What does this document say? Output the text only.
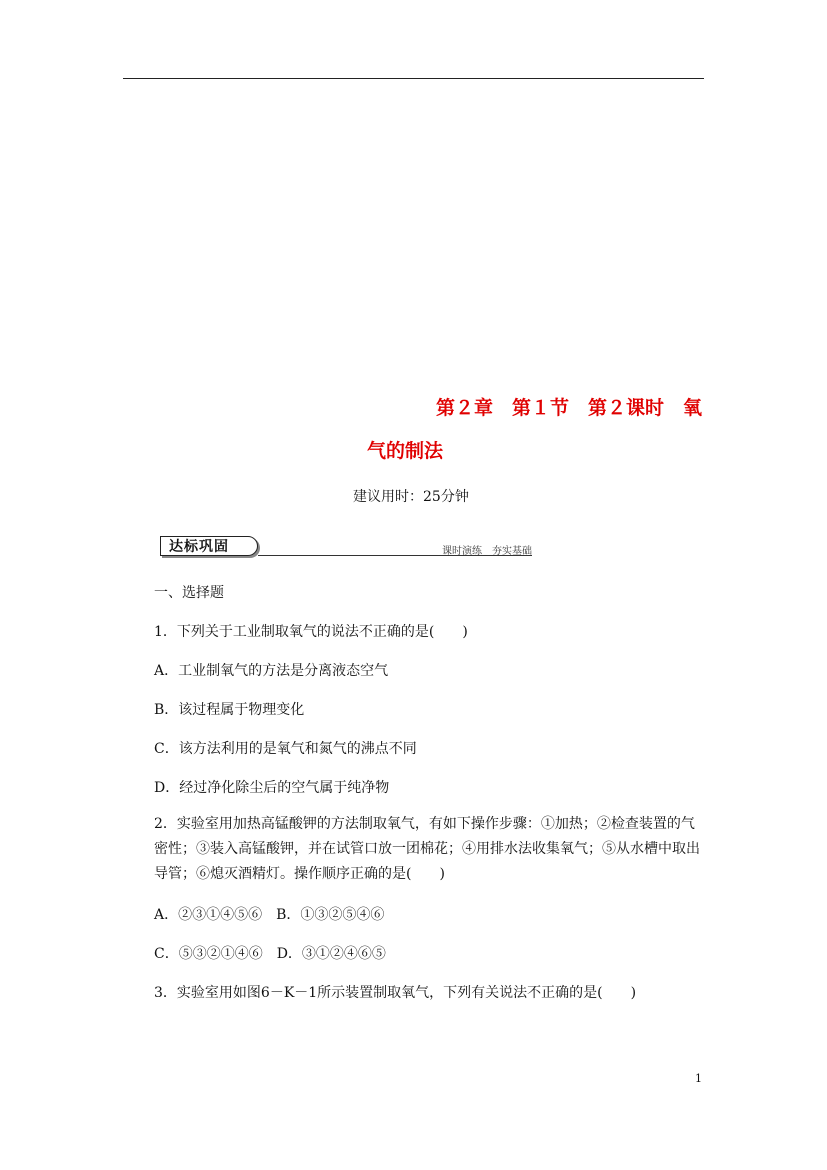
第２章　第１节　第２课时　氧
气的制法
建议用时：25分钟
达标巩固	课时演练　夯实基础
一、选择题
1．下列关于工业制取氧气的说法不正确的是(　　)
A．工业制氧气的方法是分离液态空气
B．该过程属于物理变化
C．该方法利用的是氧气和氮气的沸点不同
D．经过净化除尘后的空气属于纯净物
2．实验室用加热高锰酸钾的方法制取氧气，有如下操作步骤：①加热；②检查装置的气密性；③装入高锰酸钾，并在试管口放一团棉花；④用排水法收集氧气；⑤从水槽中取出导管；⑥熄灭酒精灯。操作顺序正确的是(　　)
A．②③①④⑤⑥　B．①③②⑤④⑥
C．⑤③②①④⑥　D．③①②④⑥⑤
3．实验室用如图6－K－1所示装置制取氧气，下列有关说法不正确的是(　　)
1
